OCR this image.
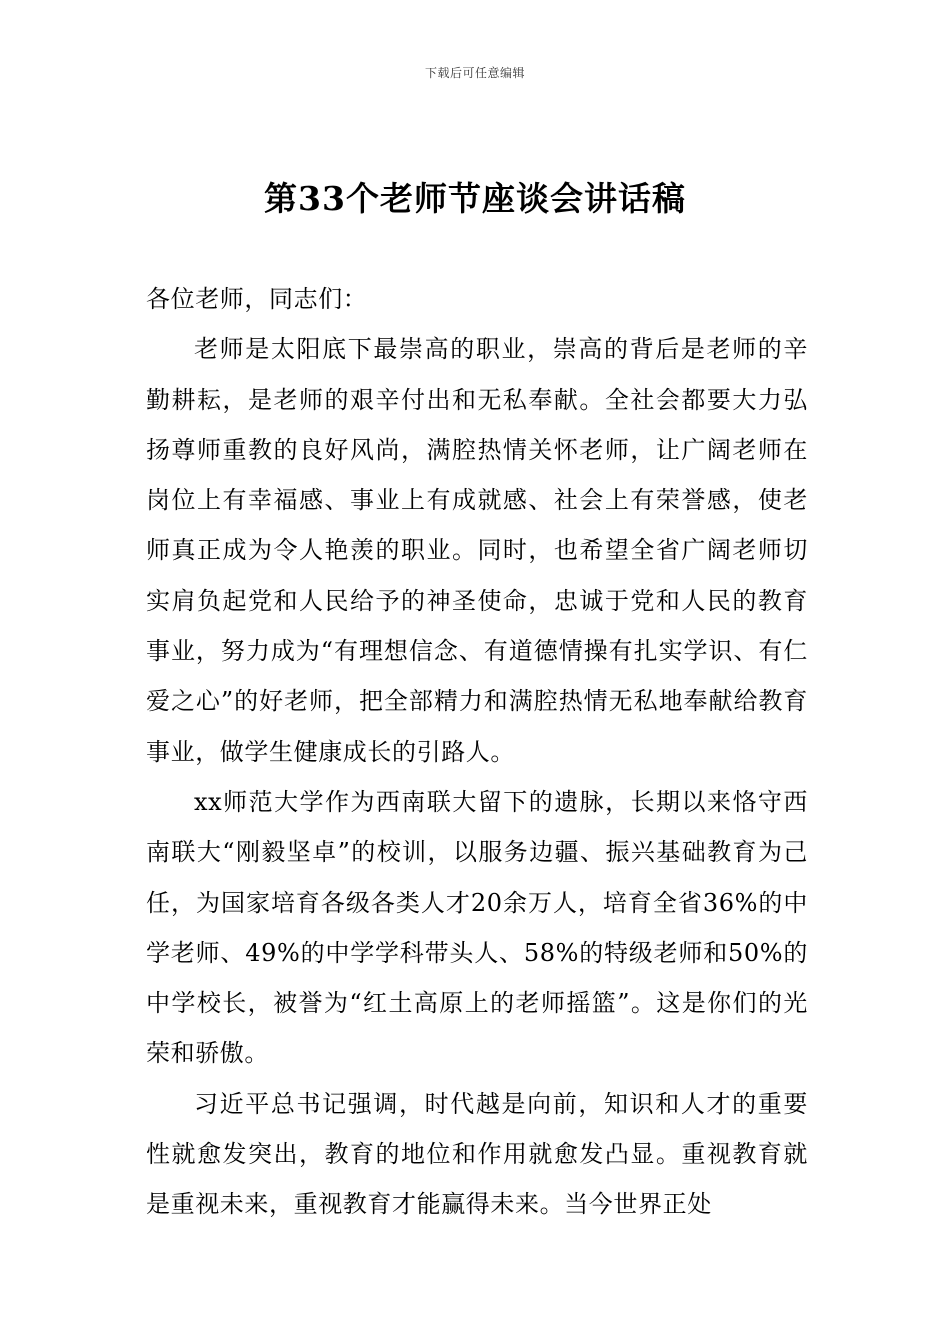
下载后可任意编辑
第33个老师节座谈会讲话稿

各位老师，同志们：

老师是太阳底下最崇高的职业，崇高的背后是老师的辛勤耕耘，是老师的艰辛付出和无私奉献。全社会都要大力弘扬尊师重教的良好风尚，满腔热情关怀老师，让广阔老师在岗位上有幸福感、事业上有成就感、社会上有荣誉感，使老师真正成为令人艳羡的职业。同时，也希望全省广阔老师切实肩负起党和人民给予的神圣使命，忠诚于党和人民的教育事业，努力成为“有理想信念、有道德情操有扎实学识、有仁爱之心”的好老师，把全部精力和满腔热情无私地奉献给教育事业，做学生健康成长的引路人。

xx师范大学作为西南联大留下的遗脉，长期以来恪守西南联大“刚毅坚卓”的校训，以服务边疆、振兴基础教育为己任，为国家培育各级各类人才20余万人，培育全省36%的中学老师、49%的中学学科带头人、58%的特级老师和50%的中学校长，被誉为“红土高原上的老师摇篮”。这是你们的光荣和骄傲。

习近平总书记强调，时代越是向前，知识和人才的重要性就愈发突出，教育的地位和作用就愈发凸显。重视教育就是重视未来，重视教育才能赢得未来。当今世界正处
